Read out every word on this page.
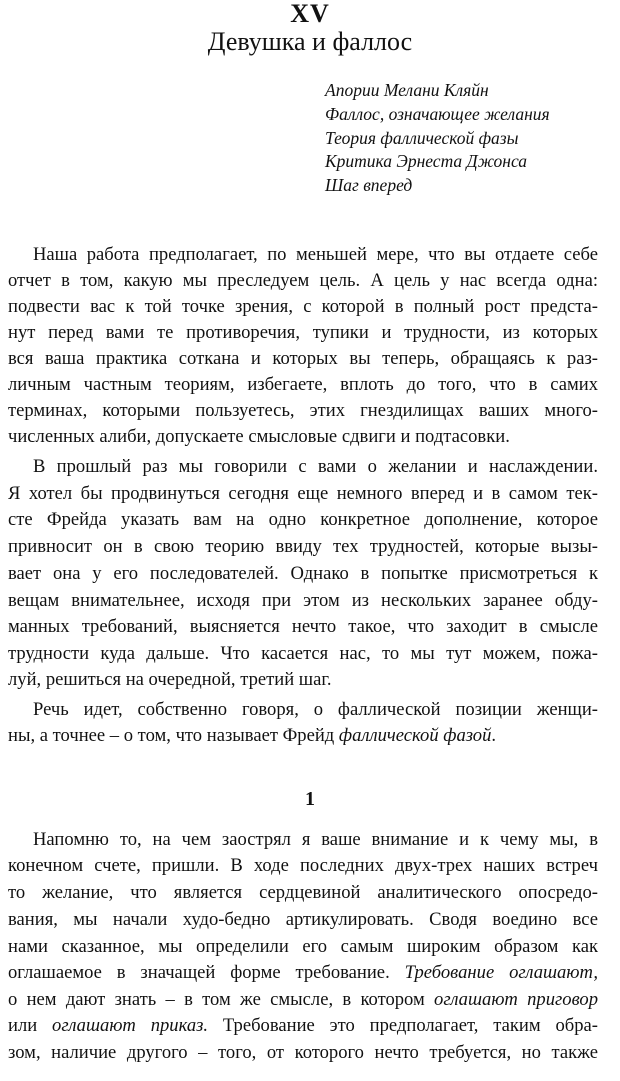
XV
Девушка и фаллос
Апории Мелани Кляйн
Фаллос, означающее желания
Теория фаллической фазы
Критика Эрнеста Джонса
Шаг вперед
Наша работа предполагает, по меньшей мере, что вы отдаете себе
отчет в том, какую мы преследуем цель. А цель у нас всегда одна:
подвести вас к той точке зрения, с которой в полный рост предста-
нут перед вами те противоречия, тупики и трудности, из которых
вся ваша практика соткана и которых вы теперь, обращаясь к раз-
личным частным теориям, избегаете, вплоть до того, что в самих
терминах, которыми пользуетесь, этих гнездилищах ваших много-
численных алиби, допускаете смысловые сдвиги и подтасовки.
В прошлый раз мы говорили с вами о желании и наслаждении.
Я хотел бы продвинуться сегодня еще немного вперед и в самом тек-
сте Фрейда указать вам на одно конкретное дополнение, которое
привносит он в свою теорию ввиду тех трудностей, которые вызы-
вает она у его последователей. Однако в попытке присмотреться к
вещам внимательнее, исходя при этом из нескольких заранее обду-
манных требований, выясняется нечто такое, что заходит в смысле
трудности куда дальше. Что касается нас, то мы тут можем, пожа-
луй, решиться на очередной, третий шаг.
Речь идет, собственно говоря, о фаллической позиции женщи-
ны, а точнее – о том, что называет Фрейд фаллической фазой.
1
Напомню то, на чем заострял я ваше внимание и к чему мы, в
конечном счете, пришли. В ходе последних двух-трех наших встреч
то желание, что является сердцевиной аналитического опосредо-
вания, мы начали худо-бедно артикулировать. Сводя воедино все
нами сказанное, мы определили его самым широким образом как
оглашаемое в значащей форме требование. Требование оглашают,
о нем дают знать – в том же смысле, в котором оглашают приговор
или оглашают приказ. Требование это предполагает, таким обра-
зом, наличие другого – того, от которого нечто требуется, но также
